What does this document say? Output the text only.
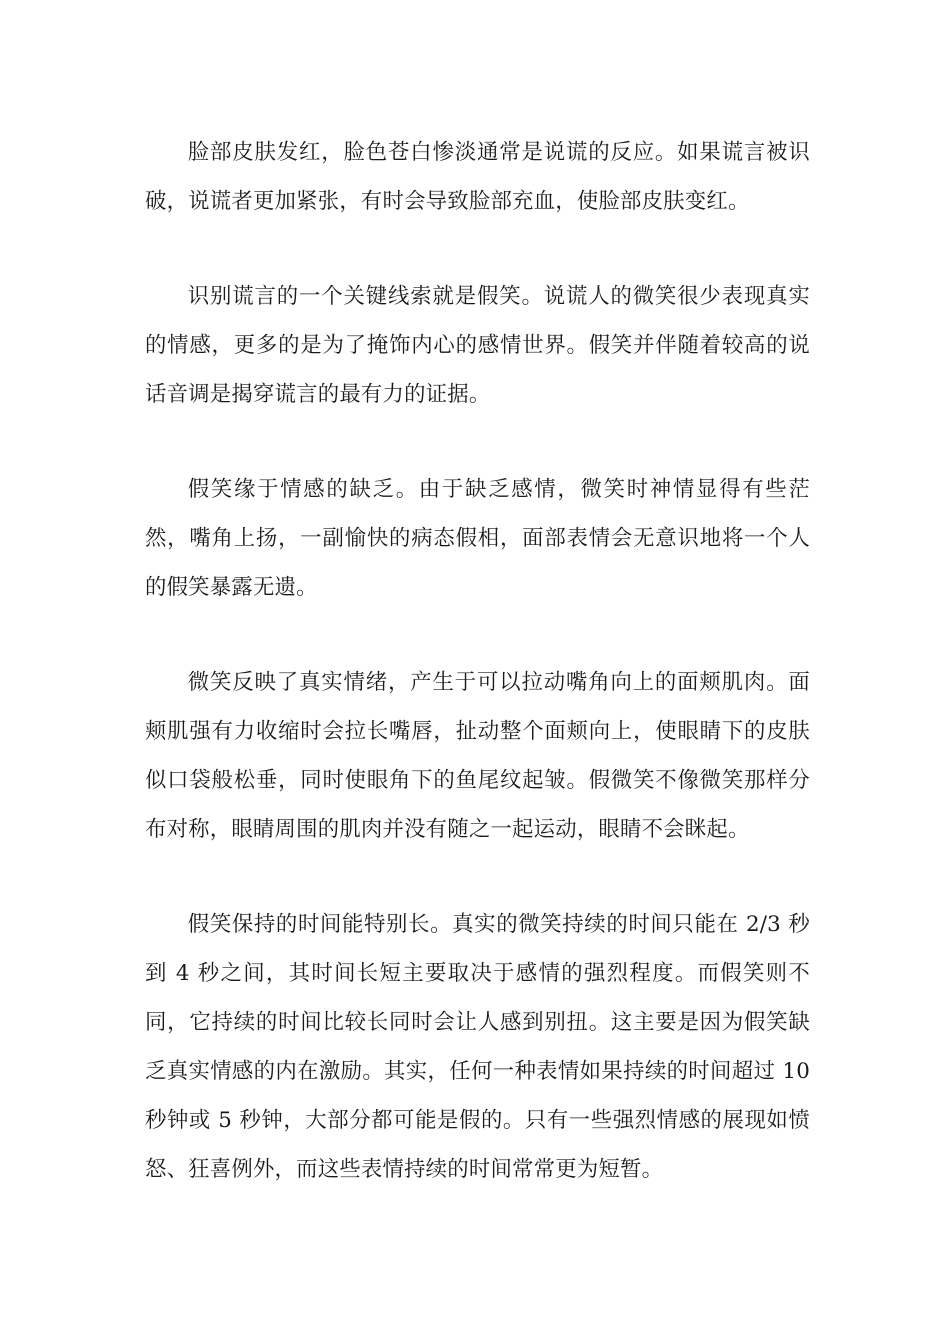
脸部皮肤发红，脸色苍白惨淡通常是说谎的反应。如果谎言被识破，说谎者更加紧张，有时会导致脸部充血，使脸部皮肤变红。

识别谎言的一个关键线索就是假笑。说谎人的微笑很少表现真实的情感，更多的是为了掩饰内心的感情世界。假笑并伴随着较高的说话音调是揭穿谎言的最有力的证据。

假笑缘于情感的缺乏。由于缺乏感情，微笑时神情显得有些茫然，嘴角上扬，一副愉快的病态假相，面部表情会无意识地将一个人的假笑暴露无遗。

微笑反映了真实情绪，产生于可以拉动嘴角向上的面颊肌肉。面颊肌强有力收缩时会拉长嘴唇，扯动整个面颊向上，使眼睛下的皮肤似口袋般松垂，同时使眼角下的鱼尾纹起皱。假微笑不像微笑那样分布对称，眼睛周围的肌肉并没有随之一起运动，眼睛不会眯起。

假笑保持的时间能特别长。真实的微笑持续的时间只能在 2/3 秒到 4 秒之间，其时间长短主要取决于感情的强烈程度。而假笑则不同，它持续的时间比较长同时会让人感到别扭。这主要是因为假笑缺乏真实情感的内在激励。其实，任何一种表情如果持续的时间超过 10 秒钟或 5 秒钟，大部分都可能是假的。只有一些强烈情感的展现如愤怒、狂喜例外，而这些表情持续的时间常常更为短暂。
